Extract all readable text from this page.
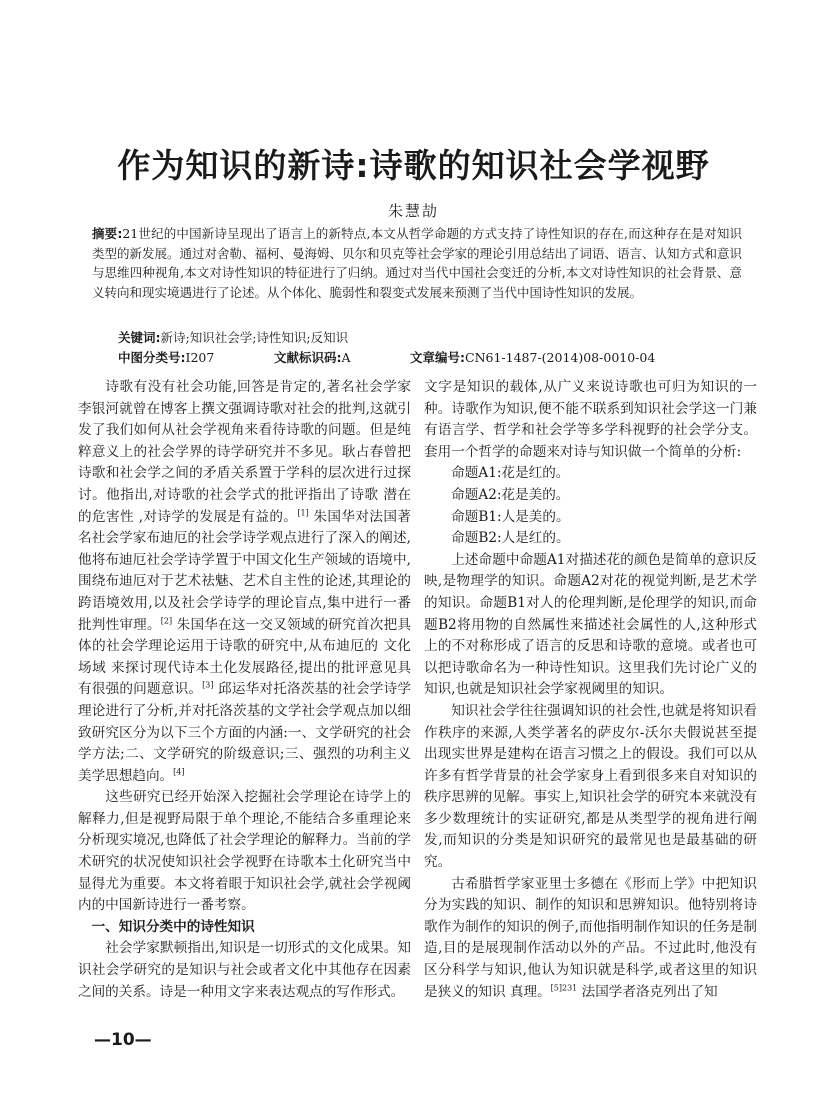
作为知识的新诗:诗歌的知识社会学视野
朱慧劼
摘要:21世纪的中国新诗呈现出了语言上的新特点,本文从哲学命题的方式支持了诗性知识的存在,而这种存在是对知识类型的新发展。通过对舍勒、福柯、曼海姆、贝尔和贝克等社会学家的理论引用总结出了词语、语言、认知方式和意识与思维四种视角,本文对诗性知识的特征进行了归纳。通过对当代中国社会变迁的分析,本文对诗性知识的社会背景、意义转向和现实境遇进行了论述。从个体化、脆弱性和裂变式发展来预测了当代中国诗性知识的发展。
关键词:新诗;知识社会学;诗性知识;反知识
中图分类号:I207	文献标识码:A	文章编号:CN61-1487-(2014)08-0010-04

诗歌有没有社会功能,回答是肯定的,著名社会学家李银河就曾在博客上撰文强调诗歌对社会的批判,这就引发了我们如何从社会学视角来看待诗歌的问题。但是纯粹意义上的社会学界的诗学研究并不多见。耿占春曾把诗歌和社会学之间的矛盾关系置于学科的层次进行过探讨。他指出,对诗歌的社会学式的批评指出了诗歌 潜在的危害性 ,对诗学的发展是有益的。[1] 朱国华对法国著名社会学家布迪厄的社会学诗学观点进行了深入的阐述,他将布迪厄社会学诗学置于中国文化生产领域的语境中,围绕布迪厄对于艺术祛魅、艺术自主性的论述,其理论的跨语境效用,以及社会学诗学的理论盲点,集中进行一番批判性审理。[2] 朱国华在这一交叉领域的研究首次把具体的社会学理论运用于诗歌的研究中,从布迪厄的 文化场域 来探讨现代诗本土化发展路径,提出的批评意见具有很强的问题意识。[3] 邱运华对托洛茨基的社会学诗学理论进行了分析,并对托洛茨基的文学社会学观点加以细致研究区分为以下三个方面的内涵:一、文学研究的社会学方法;二、文学研究的阶级意识;三、强烈的功利主义美学思想趋向。[4]

这些研究已经开始深入挖掘社会学理论在诗学上的解释力,但是视野局限于单个理论,不能结合多重理论来分析现实境况,也降低了社会学理论的解释力。当前的学术研究的状况使知识社会学视野在诗歌本土化研究当中显得尤为重要。本文将着眼于知识社会学,就社会学视阈内的中国新诗进行一番考察。

一、知识分类中的诗性知识

社会学家默顿指出,知识是一切形式的文化成果。知识社会学研究的是知识与社会或者文化中其他存在因素之间的关系。诗是一种用文字来表达观点的写作形式。

文字是知识的载体,从广义来说诗歌也可归为知识的一种。诗歌作为知识,便不能不联系到知识社会学这一门兼有语言学、哲学和社会学等多学科视野的社会学分支。套用一个哲学的命题来对诗与知识做一个简单的分析:

命题A1:花是红的。

命题A2:花是美的。

命题B1:人是美的。

命题B2:人是红的。

上述命题中命题A1对描述花的颜色是简单的意识反映,是物理学的知识。命题A2对花的视觉判断,是艺术学的知识。命题B1对人的伦理判断,是伦理学的知识,而命题B2将用物的自然属性来描述社会属性的人,这种形式上的不对称形成了语言的反思和诗歌的意境。或者也可以把诗歌命名为一种诗性知识。这里我们先讨论广义的知识,也就是知识社会学家视阈里的知识。

知识社会学往往强调知识的社会性,也就是将知识看作秩序的来源,人类学著名的萨皮尔-沃尔夫假说甚至提出现实世界是建构在语言习惯之上的假设。我们可以从许多有哲学背景的社会学家身上看到很多来自对知识的秩序思辨的见解。事实上,知识社会学的研究本来就没有多少数理统计的实证研究,都是从类型学的视角进行阐发,而知识的分类是知识研究的最常见也是最基础的研究。

古希腊哲学家亚里士多德在《形而上学》中把知识分为实践的知识、制作的知识和思辨知识。他特别将诗歌作为制作的知识的例子,而他指明制作知识的任务是制造,目的是展现制作活动以外的产品。不过此时,他没有区分科学与知识,他认为知识就是科学,或者这里的知识是狭义的知识 真理。$^{[5]231}$ 法国学者洛克列出了知

—10—
